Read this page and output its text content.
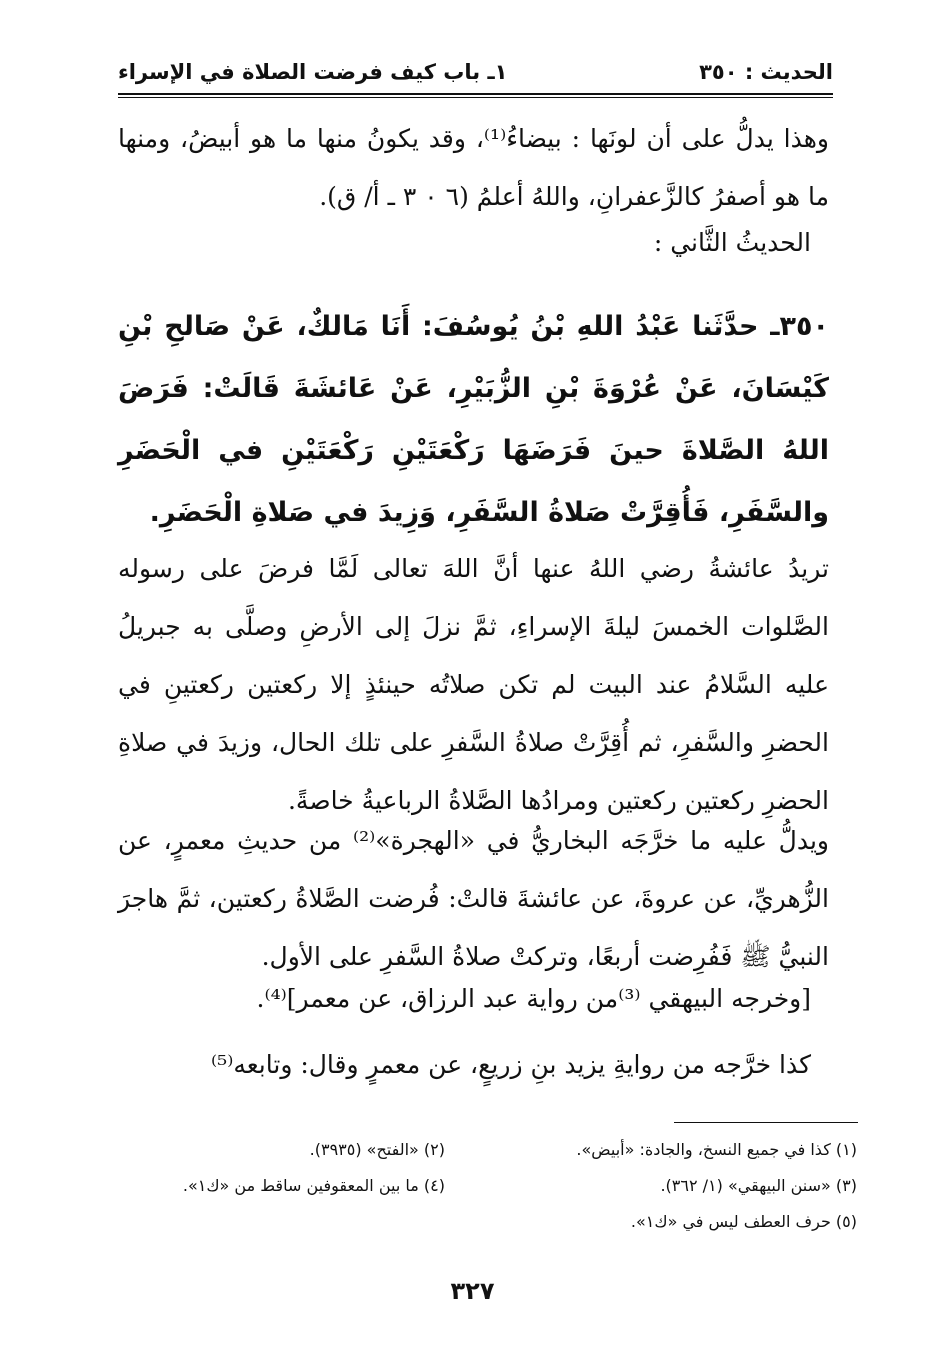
١ـ باب كيف فرضت الصلاة في الإسراء	الحديث : ٣٥٠
وهذا يدلُّ على أن لونَها : بيضاءُ⁽¹⁾، وقد يكونُ منها ما هو أبيضُ، ومنها ما هو أصفرُ كالزَّعفرانِ، واللهُ أعلمُ (٦ ٠ ٣ ـ أ/ ق).
الحديثُ الثَّاني :
٣٥٠ـ حدَّثَنا عَبْدُ اللهِ بْنُ يُوسُفَ: أَنَا مَالكٌ، عَنْ صَالحِ بْنِ كَيْسَانَ، عَنْ عُرْوَةَ بْنِ الزُّبَيْرِ، عَنْ عَائشَةَ قَالَتْ: فَرَضَ اللهُ الصَّلاةَ حينَ فَرَضَهَا رَكْعَتَيْنِ رَكْعَتَيْنِ في الْحَضَرِ والسَّفَرِ، فَأُقِرَّتْ صَلاةُ السَّفَرِ، وَزِيدَ في صَلاةِ الْحَضَرِ.
تريدُ عائشةُ رضي اللهُ عنها أنَّ اللهَ تعالى لَمَّا فرضَ على رسوله الصَّلوات الخمسَ ليلةَ الإسراءِ، ثمَّ نزلَ إلى الأرضِ وصلَّى به جبريلُ عليه السَّلامُ عند البيت لم تكن صلاتُه حينئذٍ إلا ركعتين ركعتينِ في الحضرِ والسَّفرِ، ثم أُقِرَّتْ صلاةُ السَّفرِ على تلك الحال، وزيدَ في صلاةِ الحضرِ ركعتين ركعتين ومرادُها الصَّلاةُ الرباعيةُ خاصةً.
ويدلُّ عليه ما خرَّجَه البخاريُّ في «الهجرة»⁽²⁾ من حديثِ معمرٍ، عن الزُّهريِّ، عن عروةَ، عن عائشةَ قالتْ: فُرضت الصَّلاةُ ركعتين، ثمَّ هاجرَ النبيُّ ﷺ فَفُرِضت أربعًا، وتركتْ صلاةُ السَّفرِ على الأول.
[وخرجه البيهقي ⁽³⁾من رواية عبد الرزاق، عن معمر]⁽⁴⁾.
كذا خرَّجه من روايةِ يزيد بنِ زريعٍ، عن معمرٍ وقال: وتابعه⁽⁵⁾
(١) كذا في جميع النسخ، والجادة: «أبيض».
(٢) «الفتح» (٣٩٣٥).
(٣) «سنن البيهقي» (١/ ٣٦٢).
(٤) ما بين المعقوفين ساقط من «ك١».
(٥) حرف العطف ليس في «ك١».
٣٢٧
